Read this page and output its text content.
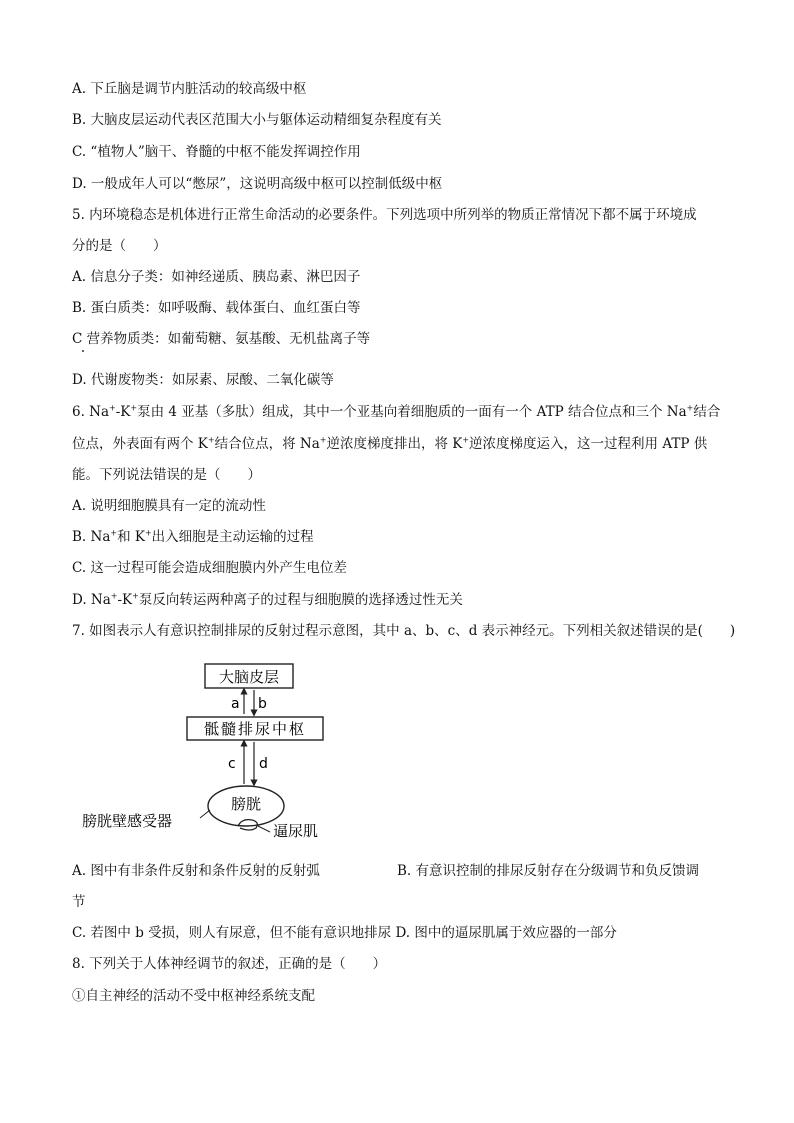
A. 下丘脑是调节内脏活动的较高级中枢
B. 大脑皮层运动代表区范围大小与躯体运动精细复杂程度有关
C. “植物人”脑干、脊髓的中枢不能发挥调控作用
D. 一般成年人可以“憋尿”，这说明高级中枢可以控制低级中枢
5. 内环境稳态是机体进行正常生命活动的必要条件。下列选项中所列举的物质正常情况下都不属于环境成
分的是（　　）
A. 信息分子类：如神经递质、胰岛素、淋巴因子
B. 蛋白质类：如呼吸酶、载体蛋白、血红蛋白等
C 营养物质类：如葡萄糖、氨基酸、无机盐离子等
D. 代谢废物类：如尿素、尿酸、二氧化碳等
6. Na+-K+泵由 4 亚基（多肽）组成，其中一个亚基向着细胞质的一面有一个 ATP 结合位点和三个 Na+结合
位点，外表面有两个 K+结合位点，将 Na+逆浓度梯度排出，将 K+逆浓度梯度运入，这一过程利用 ATP 供
能。下列说法错误的是（　　）
A. 说明细胞膜具有一定的流动性
B. Na+和 K+出入细胞是主动运输的过程
C. 这一过程可能会造成细胞膜内外产生电位差
D. Na+-K+泵反向转运两种离子的过程与细胞膜的选择透过性无关
7. 如图表示人有意识控制排尿的反射过程示意图，其中 a、b、c、d 表示神经元。下列相关叙述错误的是(　　)
大脑皮层
a b
骶髓排尿中枢
c d
膀胱
膀胱壁感受器
逼尿肌
A. 图中有非条件反射和条件反射的反射弧	B. 有意识控制的排尿反射存在分级调节和负反馈调
节
C. 若图中 b 受损，则人有尿意，但不能有意识地排尿 D. 图中的逼尿肌属于效应器的一部分
8. 下列关于人体神经调节的叙述，正确的是（　　）
①自主神经的活动不受中枢神经系统支配
